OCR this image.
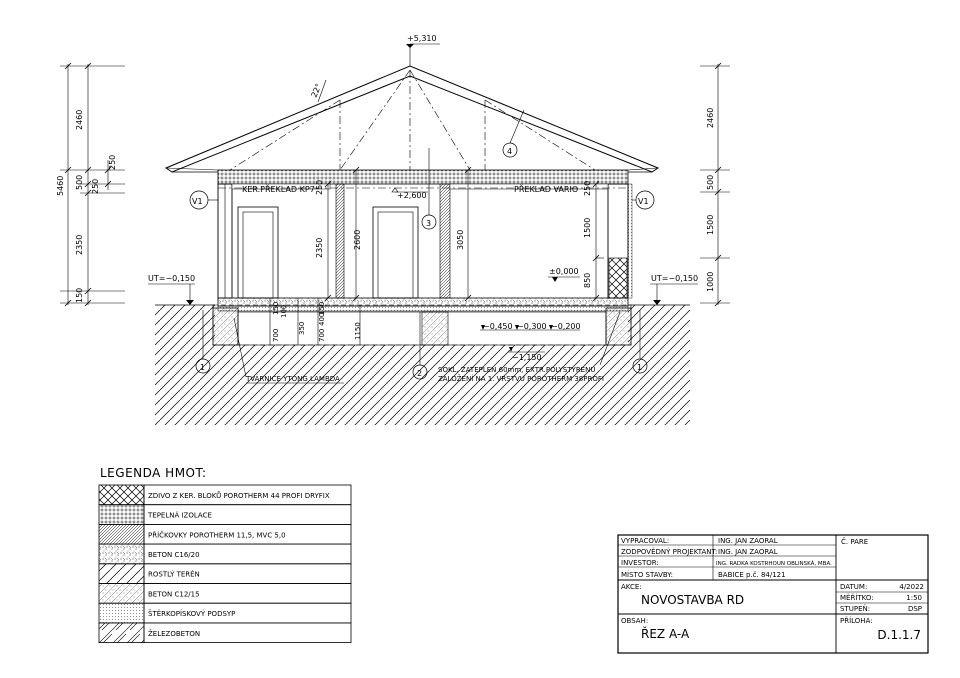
2460
250
500 250
2350
150
5460
2460
500
1500
1000
2350
250
2600	3050
1500
850
250
700
150 100
350
700
150
400
1150
+5,310
+2,600
±0,000
UT=−0,150	UT=−0,150
−0,450 −0,300 −0,200
−1,150
22°
KER.PŘEKLAD KP7	PŘEKLAD VARIO
V1	V1
4
3
1	1
2
TVÁRNICE YTONG LAMBDA
SOKL. ZATEPLEN 60mm, EXTR.POLYSTYRENU
ZALOŽENÍ NA 1. VRSTVU POROTHERM 38PROFI
LEGENDA HMOT:
ZDIVO Z KER. BLOKŮ POROTHERM 44 PROFI DRYFIX
TEPELNÁ IZOLACE
PŘÍČKOVKY POROTHERM 11,5, MVC 5,0
BETON C16/20
ROSTLÝ TERÉN
BETON C12/15
ŠTĚRKOPÍSKOVÝ PODSYP
ŽELEZOBETON
VYPRACOVAL:	ING. JAN ZAORAL
ZODPOVĚDNÝ PROJEKTANT: ING. JAN ZAORAL
INVESTOR:	ING. RADKA KOSTRHOUN OBLINSKÁ, MBA.
MÍSTO STAVBY:	BABICE p.č. 84/121
Č. PARE
AKCE:
NOVOSTAVBA RD
OBSAH:
ŘEZ A-A
DATUM:	4/2022
MĚŘÍTKO:	1:50
STUPEŇ:	DSP
PŘÍLOHA:
D.1.1.7
